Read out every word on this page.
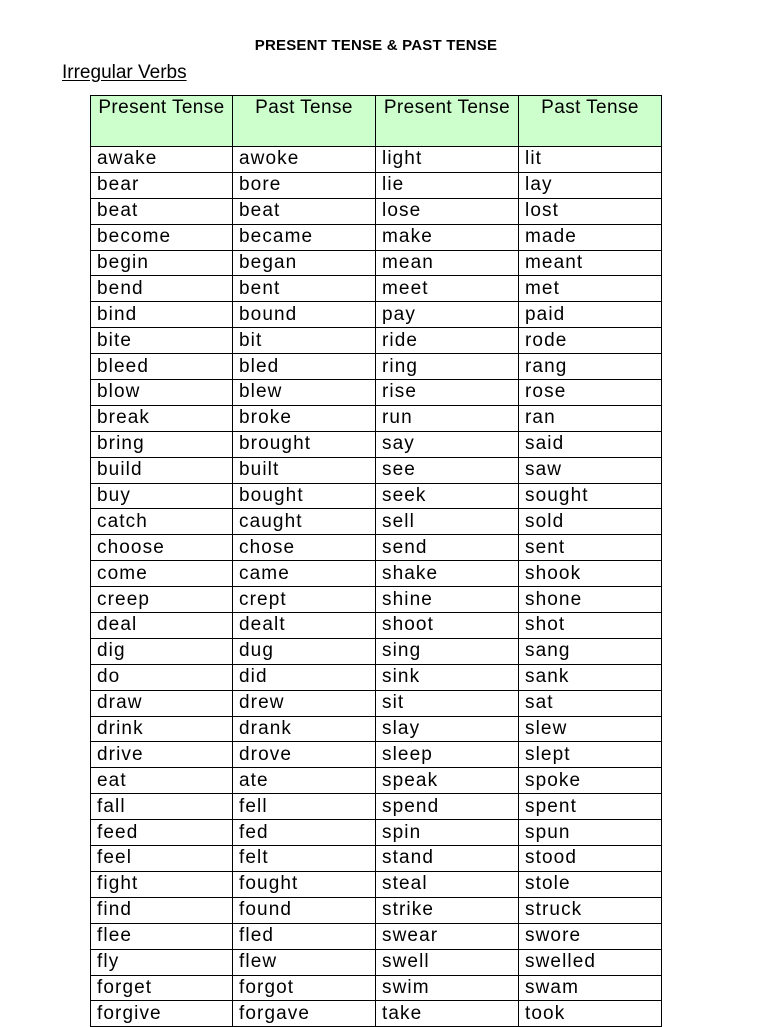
PRESENT TENSE & PAST TENSE
Irregular Verbs
Present Tense	Past Tense	Present Tense	Past Tense
awake	awoke	light	lit
bear	bore	lie	lay
beat	beat	lose	lost
become	became	make	made
begin	began	mean	meant
bend	bent	meet	met
bind	bound	pay	paid
bite	bit	ride	rode
bleed	bled	ring	rang
blow	blew	rise	rose
break	broke	run	ran
bring	brought	say	said
build	built	see	saw
buy	bought	seek	sought
catch	caught	sell	sold
choose	chose	send	sent
come	came	shake	shook
creep	crept	shine	shone
deal	dealt	shoot	shot
dig	dug	sing	sang
do	did	sink	sank
draw	drew	sit	sat
drink	drank	slay	slew
drive	drove	sleep	slept
eat	ate	speak	spoke
fall	fell	spend	spent
feed	fed	spin	spun
feel	felt	stand	stood
fight	fought	steal	stole
find	found	strike	struck
flee	fled	swear	swore
fly	flew	swell	swelled
forget	forgot	swim	swam
forgive	forgave	take	took
